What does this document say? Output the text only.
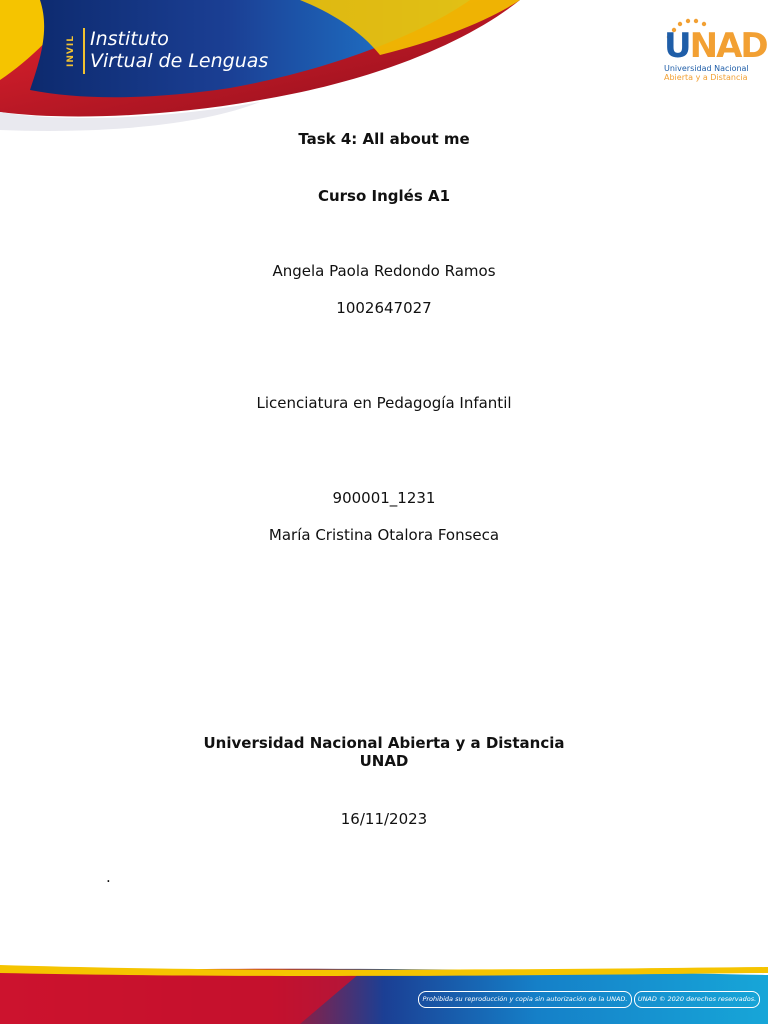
INVIL Instituto
Virtual de Lenguas	UNAD
Universidad Nacional
Abierta y a Distancia
Task 4: All about me
Curso Inglés A1
Angela Paola Redondo Ramos
1002647027
Licenciatura en Pedagogía Infantil
900001_1231
María Cristina Otalora Fonseca
Universidad Nacional Abierta y a Distancia
UNAD
16/11/2023
.
Prohibida su reproducción y copia sin autorización de la UNAD.	UNAD © 2020 derechos reservados.
